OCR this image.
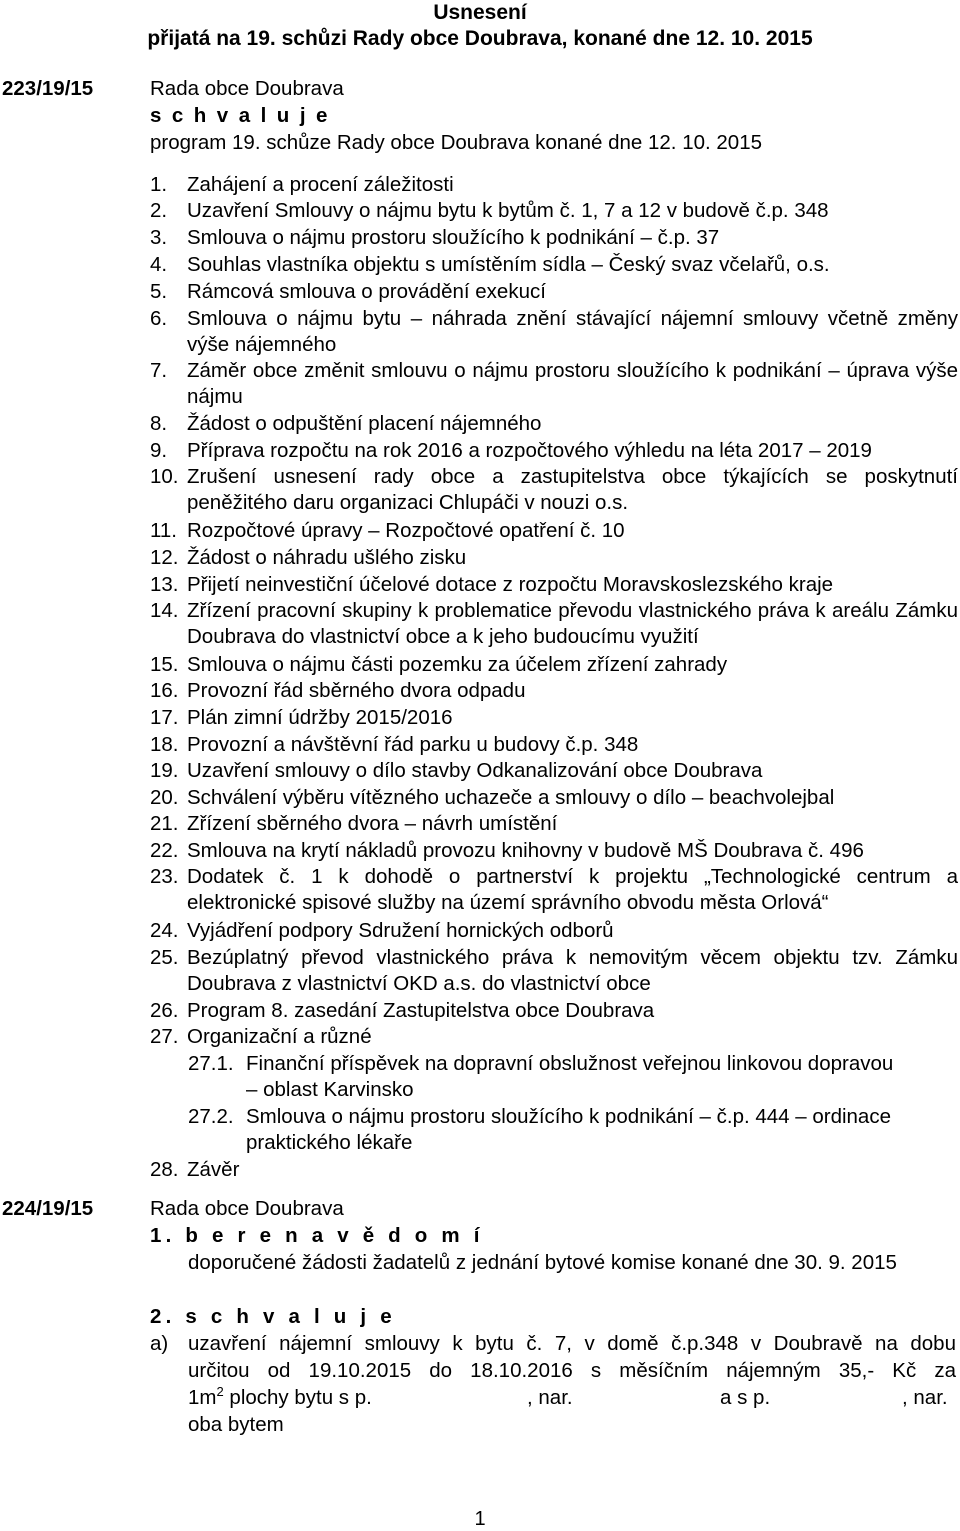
Usnesení
přijatá na 19. schůzi Rady obce Doubrava, konané dne 12. 10. 2015
223/19/15	Rada obce Doubrava
s c h v a l u j e
program 19. schůze Rady obce Doubrava konané dne 12. 10. 2015
1. Zahájení a procení záležitosti
2. Uzavření Smlouvy o nájmu bytu k bytům č. 1, 7 a 12 v budově č.p. 348
3. Smlouva o nájmu prostoru sloužícího k podnikání – č.p. 37
4. Souhlas vlastníka objektu s umístěním sídla – Český svaz včelařů, o.s.
5. Rámcová smlouva o provádění exekucí
6. Smlouva o nájmu bytu – náhrada znění stávající nájemní smlouvy včetně změny výše nájemného
7. Záměr obce změnit smlouvu o nájmu prostoru sloužícího k podnikání – úprava výše nájmu
8. Žádost o odpuštění placení nájemného
9. Příprava rozpočtu na rok 2016 a rozpočtového výhledu na léta 2017 – 2019
10. Zrušení usnesení rady obce a zastupitelstva obce týkajících se poskytnutí peněžitého daru organizaci Chlupáči v nouzi o.s.
11. Rozpočtové úpravy – Rozpočtové opatření č. 10
12. Žádost o náhradu ušlého zisku
13. Přijetí neinvestiční účelové dotace z rozpočtu Moravskoslezského kraje
14. Zřízení pracovní skupiny k problematice převodu vlastnického práva k areálu Zámku Doubrava do vlastnictví obce a k jeho budoucímu využití
15. Smlouva o nájmu části pozemku za účelem zřízení zahrady
16. Provozní řád sběrného dvora odpadu
17. Plán zimní údržby 2015/2016
18. Provozní a návštěvní řád parku u budovy č.p. 348
19. Uzavření smlouvy o dílo stavby Odkanalizování obce Doubrava
20. Schválení výběru vítězného uchazeče a smlouvy o dílo – beachvolejbal
21. Zřízení sběrného dvora – návrh umístění
22. Smlouva na krytí nákladů provozu knihovny v budově MŠ Doubrava č. 496
23. Dodatek č. 1 k dohodě o partnerství k projektu „Technologické centrum a elektronické spisové služby na území správního obvodu města Orlová“
24. Vyjádření podpory Sdružení hornických odborů
25. Bezúplatný převod vlastnického práva k nemovitým věcem objektu tzv. Zámku Doubrava z vlastnictví OKD a.s. do vlastnictví obce
26. Program 8. zasedání Zastupitelstva obce Doubrava
27. Organizační a různé
27.1. Finanční příspěvek na dopravní obslužnost veřejnou linkovou dopravou – oblast Karvinsko
27.2. Smlouva o nájmu prostoru sloužícího k podnikání – č.p. 444 – ordinace praktického lékaře
28. Závěr
224/19/15	Rada obce Doubrava
1. b e r e n a v ě d o m í
doporučené žádosti žadatelů z jednání bytové komise konané dne 30. 9. 2015
2. s c h v a l u j e
a) uzavření nájemní smlouvy k bytu č. 7, v domě č.p.348 v Doubravě na dobu
určitou od 19.10.2015 do 18.10.2016 s měsíčním nájemným 35,- Kč za
$1m^2$ plochy bytu s p.	, nar.	a s p.	, nar.
oba bytem
1
